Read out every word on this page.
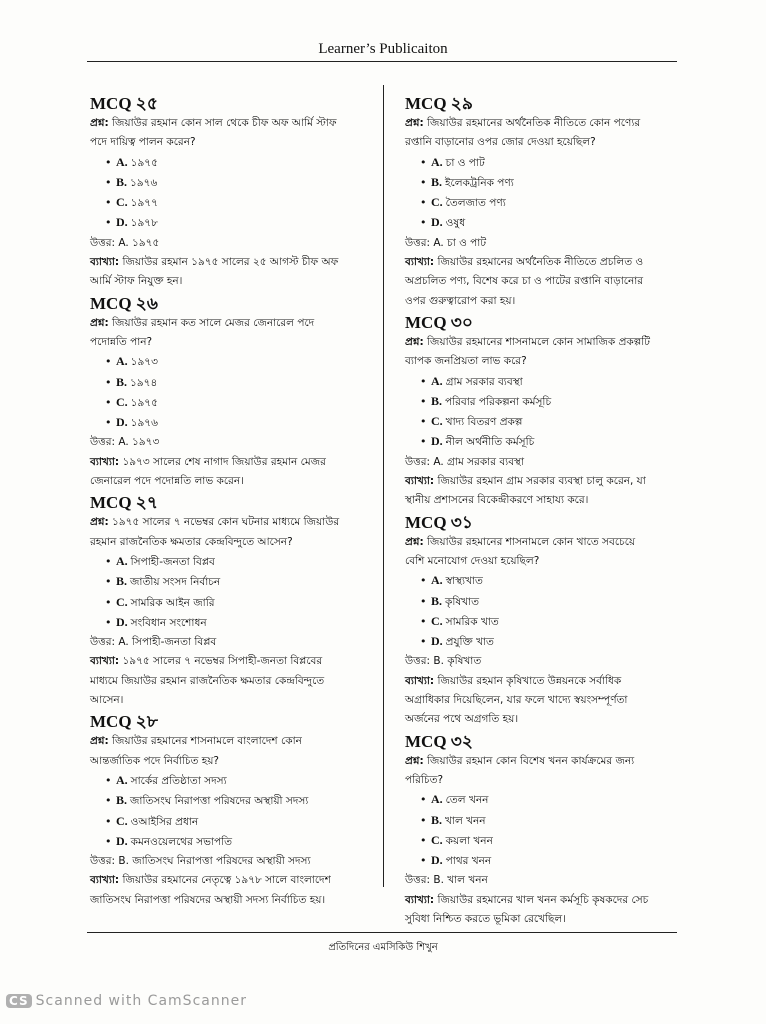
Learner’s Publicaiton
MCQ ২৫
প্রশ্ন: জিয়াউর রহমান কোন সাল থেকে চীফ অফ আর্মি স্টাফ
পদে দায়িত্ব পালন করেন?
• A. ১৯৭৫
• B. ১৯৭৬
• C. ১৯৭৭
• D. ১৯৭৮
উত্তর: A. ১৯৭৫
ব্যাখ্যা: জিয়াউর রহমান ১৯৭৫ সালের ২৫ আগস্ট চীফ অফ
আর্মি স্টাফ নিযুক্ত হন।
MCQ ২৬
প্রশ্ন: জিয়াউর রহমান কত সালে মেজর জেনারেল পদে
পদোন্নতি পান?
• A. ১৯৭৩
• B. ১৯৭৪
• C. ১৯৭৫
• D. ১৯৭৬
উত্তর: A. ১৯৭৩
ব্যাখ্যা: ১৯৭৩ সালের শেষ নাগাদ জিয়াউর রহমান মেজর
জেনারেল পদে পদোন্নতি লাভ করেন।
MCQ ২৭
প্রশ্ন: ১৯৭৫ সালের ৭ নভেম্বর কোন ঘটনার মাধ্যমে জিয়াউর
রহমান রাজনৈতিক ক্ষমতার কেন্দ্রবিন্দুতে আসেন?
• A. সিপাহী-জনতা বিপ্লব
• B. জাতীয় সংসদ নির্বাচন
• C. সামরিক আইন জারি
• D. সংবিধান সংশোধন
উত্তর: A. সিপাহী-জনতা বিপ্লব
ব্যাখ্যা: ১৯৭৫ সালের ৭ নভেম্বর সিপাহী-জনতা বিপ্লবের
মাধ্যমে জিয়াউর রহমান রাজনৈতিক ক্ষমতার কেন্দ্রবিন্দুতে
আসেন।
MCQ ২৮
প্রশ্ন: জিয়াউর রহমানের শাসনামলে বাংলাদেশ কোন
আন্তর্জাতিক পদে নির্বাচিত হয়?
• A. সার্কের প্রতিষ্ঠাতা সদস্য
• B. জাতিসংঘ নিরাপত্তা পরিষদের অস্থায়ী সদস্য
• C. ওআইসির প্রধান
• D. কমনওয়েলথের সভাপতি
উত্তর: B. জাতিসংঘ নিরাপত্তা পরিষদের অস্থায়ী সদস্য
ব্যাখ্যা: জিয়াউর রহমানের নেতৃত্বে ১৯৭৮ সালে বাংলাদেশ
জাতিসংঘ নিরাপত্তা পরিষদের অস্থায়ী সদস্য নির্বাচিত হয়।
MCQ ২৯
প্রশ্ন: জিয়াউর রহমানের অর্থনৈতিক নীতিতে কোন পণ্যের
রপ্তানি বাড়ানোর ওপর জোর দেওয়া হয়েছিল?
• A. চা ও পাট
• B. ইলেকট্রনিক পণ্য
• C. তৈলজাত পণ্য
• D. ওষুধ
উত্তর: A. চা ও পাট
ব্যাখ্যা: জিয়াউর রহমানের অর্থনৈতিক নীতিতে প্রচলিত ও
অপ্রচলিত পণ্য, বিশেষ করে চা ও পাটের রপ্তানি বাড়ানোর
ওপর গুরুত্বারোপ করা হয়।
MCQ ৩০
প্রশ্ন: জিয়াউর রহমানের শাসনামলে কোন সামাজিক প্রকল্পটি
ব্যাপক জনপ্রিয়তা লাভ করে?
• A. গ্রাম সরকার ব্যবস্থা
• B. পরিবার পরিকল্পনা কর্মসূচি
• C. খাদ্য বিতরণ প্রকল্প
• D. নীল অর্থনীতি কর্মসূচি
উত্তর: A. গ্রাম সরকার ব্যবস্থা
ব্যাখ্যা: জিয়াউর রহমান গ্রাম সরকার ব্যবস্থা চালু করেন, যা
স্থানীয় প্রশাসনের বিকেন্দ্রীকরণে সাহায্য করে।
MCQ ৩১
প্রশ্ন: জিয়াউর রহমানের শাসনামলে কোন খাতে সবচেয়ে
বেশি মনোযোগ দেওয়া হয়েছিল?
• A. স্বাস্থ্যখাত
• B. কৃষিখাত
• C. সামরিক খাত
• D. প্রযুক্তি খাত
উত্তর: B. কৃষিখাত
ব্যাখ্যা: জিয়াউর রহমান কৃষিখাতে উন্নয়নকে সর্বাধিক
অগ্রাধিকার দিয়েছিলেন, যার ফলে খাদ্যে স্বয়ংসম্পূর্ণতা
অর্জনের পথে অগ্রগতি হয়।
MCQ ৩২
প্রশ্ন: জিয়াউর রহমান কোন বিশেষ খনন কার্যক্রমের জন্য
পরিচিত?
• A. তেল খনন
• B. খাল খনন
• C. কয়লা খনন
• D. পাথর খনন
উত্তর: B. খাল খনন
ব্যাখ্যা: জিয়াউর রহমানের খাল খনন কর্মসূচি কৃষকদের সেচ
সুবিধা নিশ্চিত করতে ভূমিকা রেখেছিল।
প্রতিদিনের এমসিকিউ শিখুন
CS Scanned with CamScanner
